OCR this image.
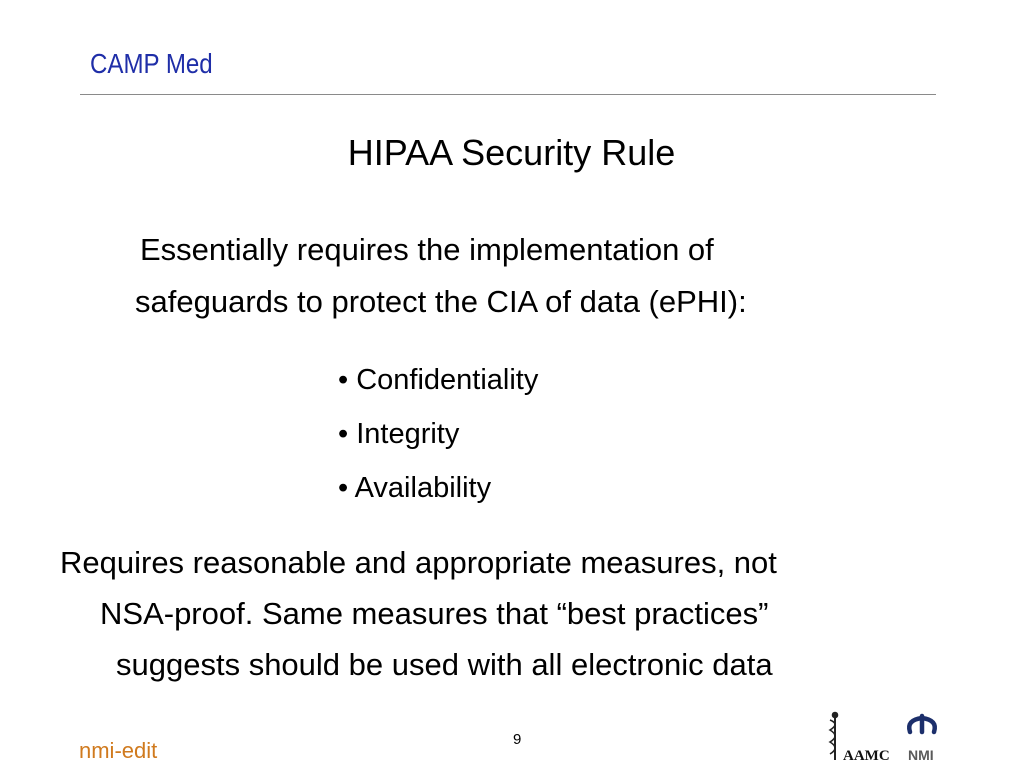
CAMP Med
HIPAA Security Rule
Essentially requires the implementation of
safeguards to protect the CIA of data (ePHI):
• Confidentiality
• Integrity
• Availability
Requires reasonable and appropriate measures, not
NSA-proof. Same measures that “best practices”
suggests should be used with all electronic data
nmi-edit	9
AAMC NMI
